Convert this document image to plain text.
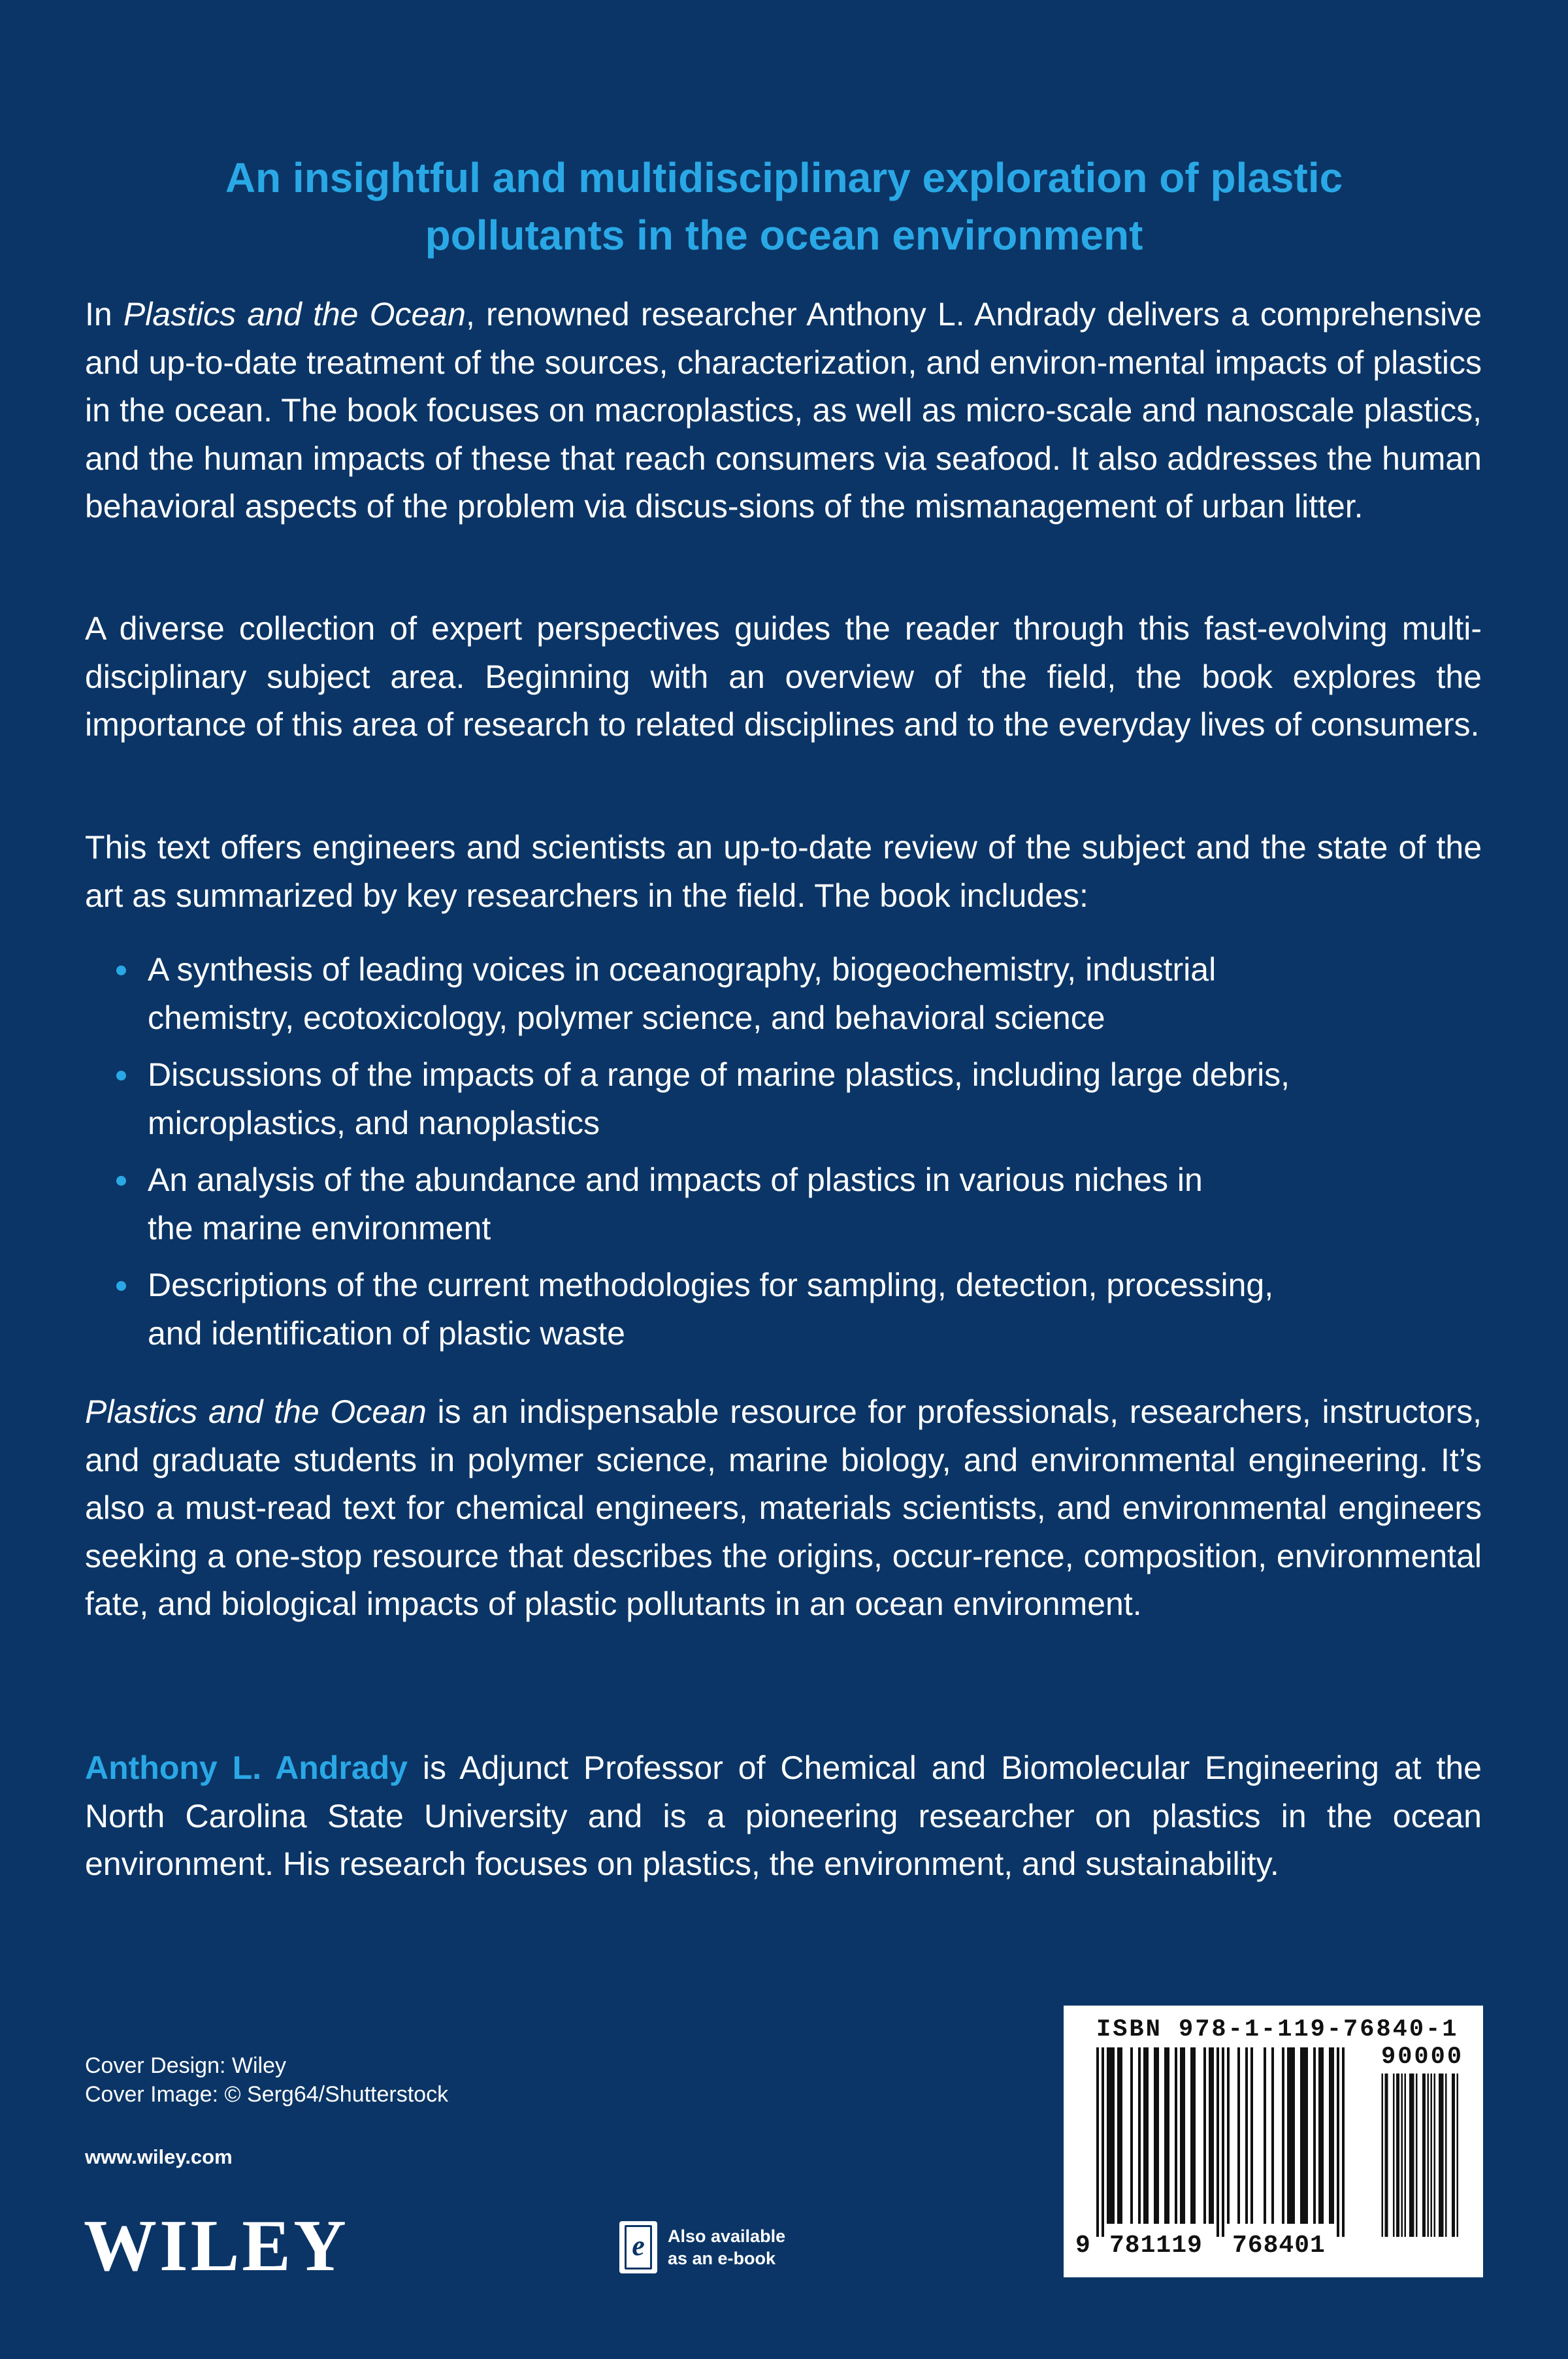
An insightful and multidisciplinary exploration of plastic
pollutants in the ocean environment

In Plastics and the Ocean, renowned researcher Anthony L. Andrady delivers a comprehensive and up-to-date treatment of the sources, characterization, and environ-mental impacts of plastics in the ocean. The book focuses on macroplastics, as well as micro-scale and nanoscale plastics, and the human impacts of these that reach consumers via seafood. It also addresses the human behavioral aspects of the problem via discus-sions of the mismanagement of urban litter.

A diverse collection of expert perspectives guides the reader through this fast-evolving multi-disciplinary subject area. Beginning with an overview of the field, the book explores the importance of this area of research to related disciplines and to the everyday lives of consumers.

This text offers engineers and scientists an up-to-date review of the subject and the state of the art as summarized by key researchers in the field. The book includes:

A synthesis of leading voices in oceanography, biogeochemistry, industrial
chemistry, ecotoxicology, polymer science, and behavioral science
Discussions of the impacts of a range of marine plastics, including large debris,
microplastics, and nanoplastics
An analysis of the abundance and impacts of plastics in various niches in
the marine environment
Descriptions of the current methodologies for sampling, detection, processing,
and identification of plastic waste

Plastics and the Ocean is an indispensable resource for professionals, researchers, instructors, and graduate students in polymer science, marine biology, and environmental engineering. It’s also a must-read text for chemical engineers, materials scientists, and environmental engineers seeking a one-stop resource that describes the origins, occur-rence, composition, environmental fate, and biological impacts of plastic pollutants in an ocean environment.

Anthony L. Andrady is Adjunct Professor of Chemical and Biomolecular Engineering at the North Carolina State University and is a pioneering researcher on plastics in the ocean environment. His research focuses on plastics, the environment, and sustainability.

Cover Design: Wiley
Cover Image: © Serg64/Shutterstock
www.wiley.com
WILEY	e	Also available
as an e-book
ISBN 978-1-119-76840-1
90000
9 781119 768401
